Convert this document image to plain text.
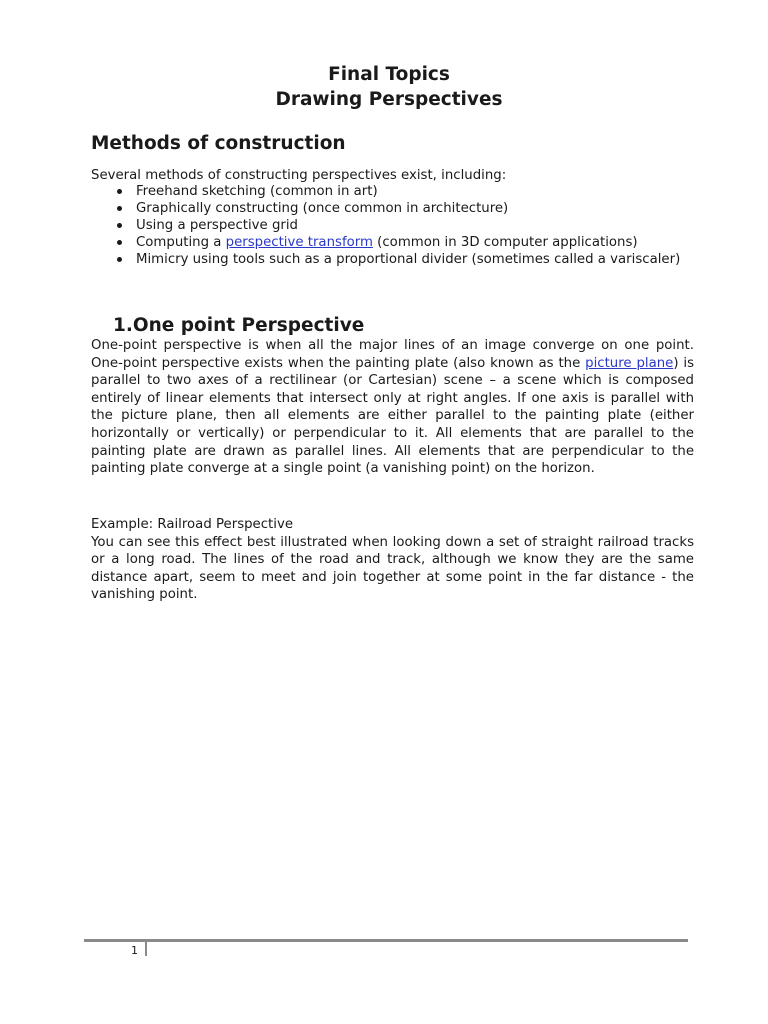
Final Topics
Drawing Perspectives
Methods of construction
Several methods of constructing perspectives exist, including:
Freehand sketching (common in art)
Graphically constructing (once common in architecture)
Using a perspective grid
Computing a perspective transform (common in 3D computer applications)
Mimicry using tools such as a proportional divider (sometimes called a variscaler)
1.One point Perspective

One-point perspective is when all the major lines of an image converge on one point. One-point perspective exists when the painting plate (also known as the picture plane) is parallel to two axes of a rectilinear (or Cartesian) scene – a scene which is composed entirely of linear elements that intersect only at right angles. If one axis is parallel with the picture plane, then all elements are either parallel to the painting plate (either horizontally or vertically) or perpendicular to it. All elements that are parallel to the painting plate are drawn as parallel lines. All elements that are perpendicular to the painting plate converge at a single point (a vanishing point) on the horizon.

Example: Railroad Perspective
You can see this effect best illustrated when looking down a set of straight railroad tracks or a long road. The lines of the road and track, although we know they are the same distance apart, seem to meet and join together at some point in the far distance - the vanishing point.
1
